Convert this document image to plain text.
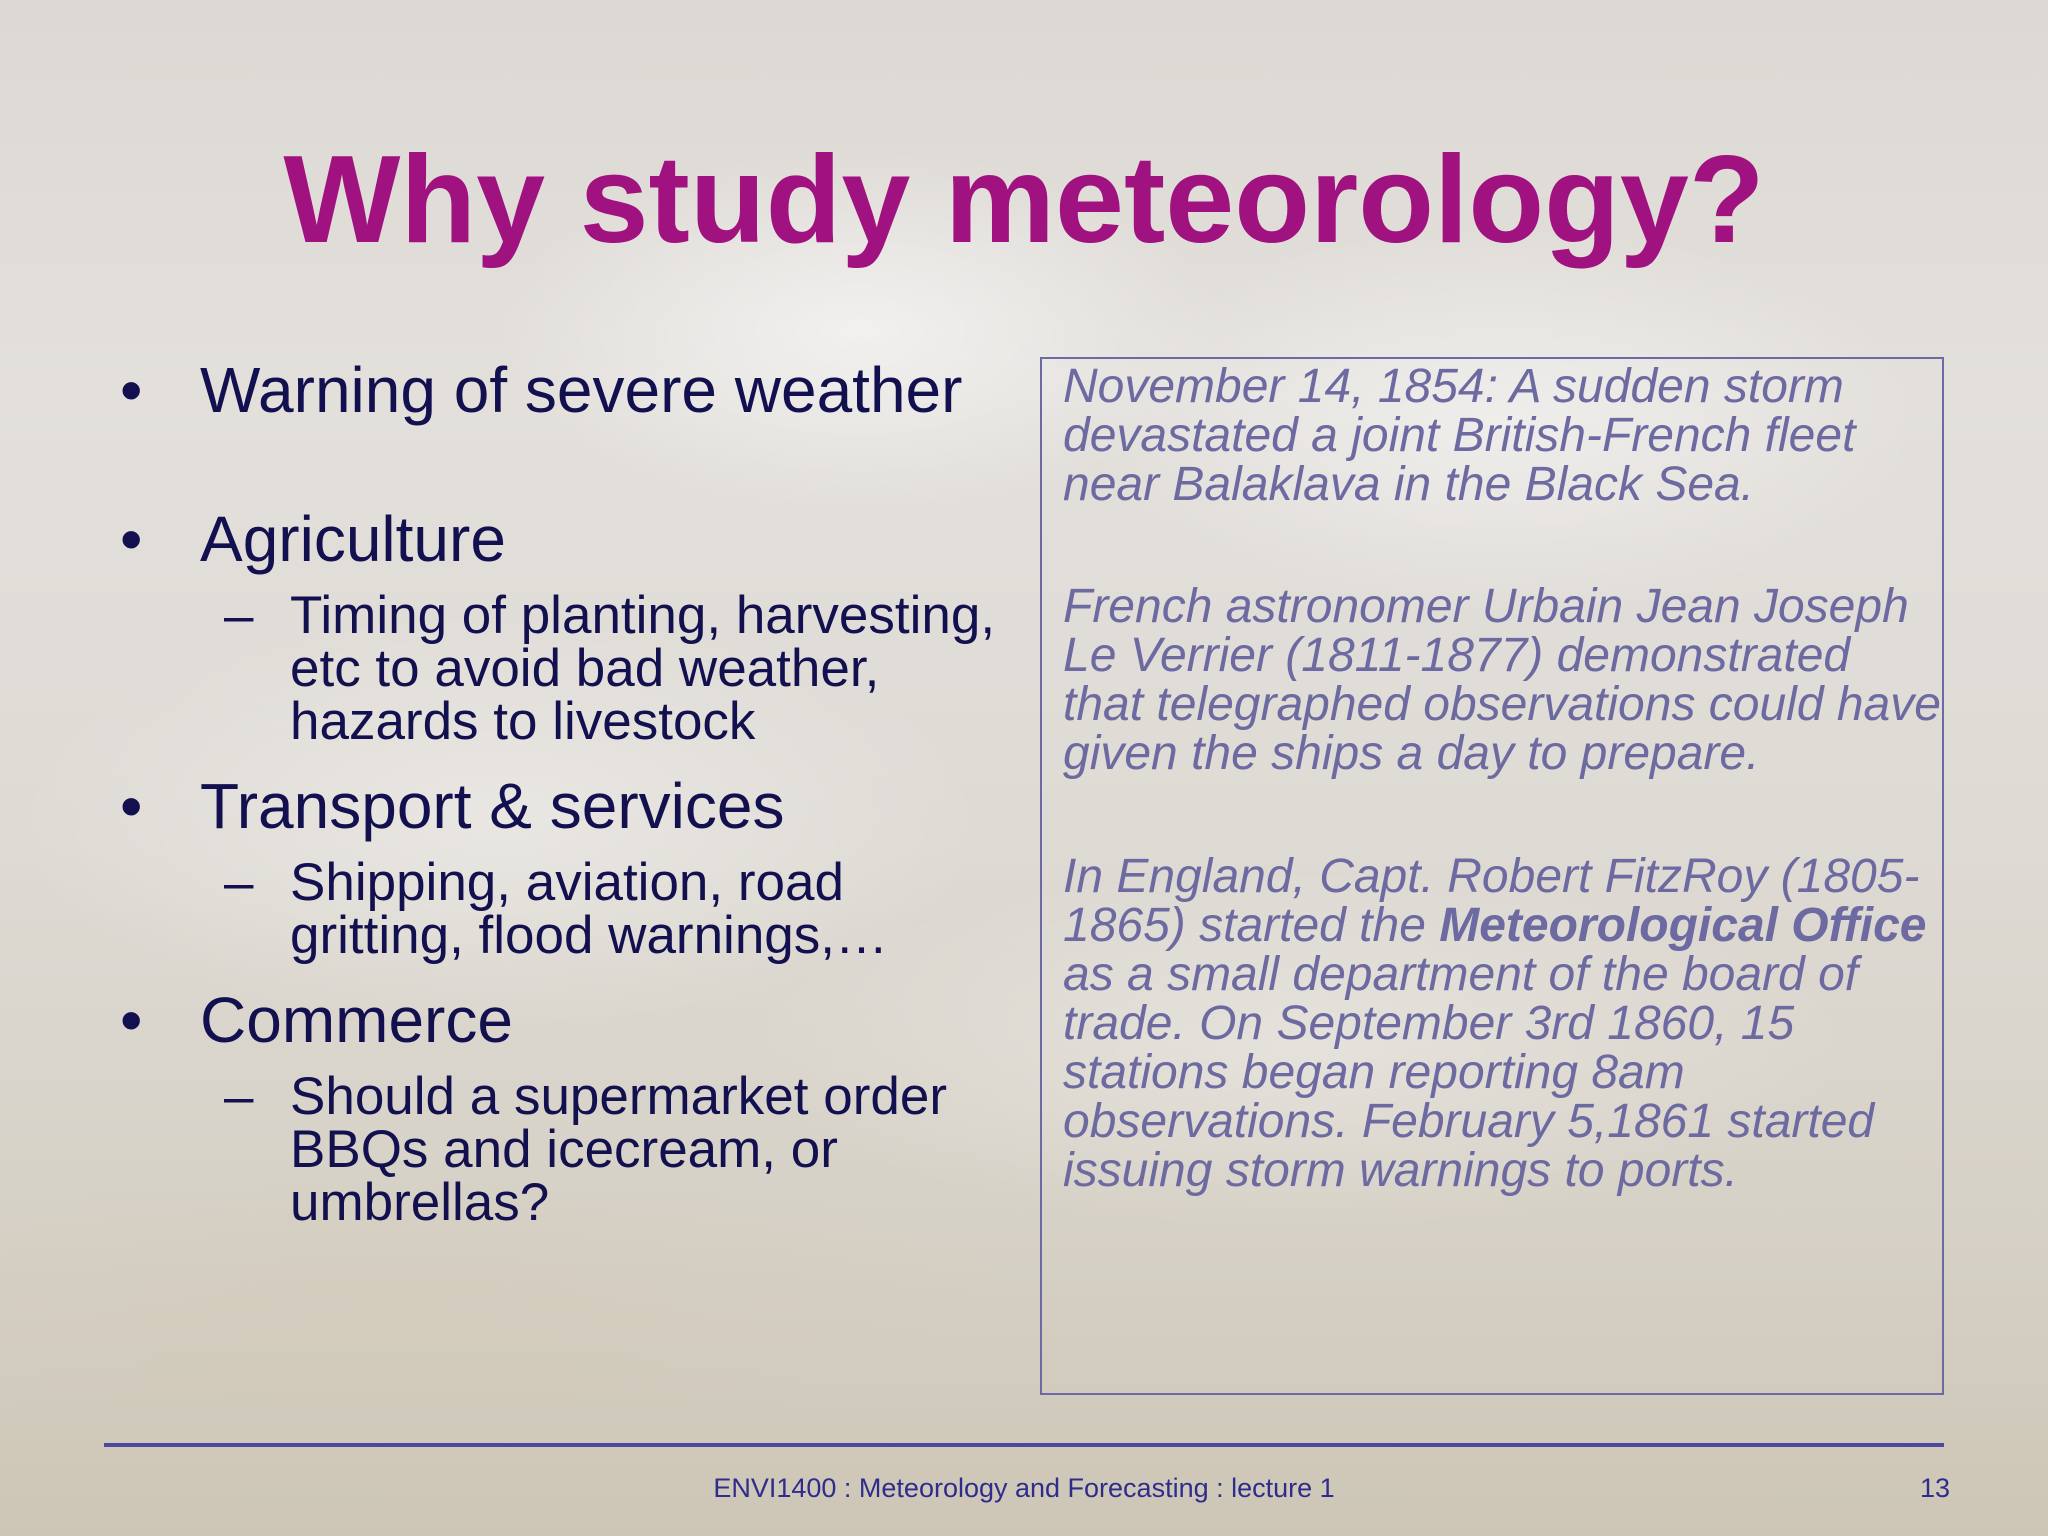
Why study meteorology?
• Warning of severe weather
• Agriculture
– Timing of planting, harvesting, etc to avoid bad weather, hazards to livestock
• Transport & services
– Shipping, aviation, road gritting, flood warnings,…
• Commerce
– Should a supermarket order BBQs and icecream, or umbrellas?

November 14, 1854: A sudden storm devastated a joint British-French fleet near Balaklava in the Black Sea.

French astronomer Urbain Jean Joseph Le Verrier (1811-1877) demonstrated that telegraphed observations could have given the ships a day to prepare.

In England, Capt. Robert FitzRoy (1805-1865) started the Meteorological Office as a small department of the board of trade. On September 3rd 1860, 15 stations began reporting 8am observations. February 5,1861 started issuing storm warnings to ports.

ENVI1400 : Meteorology and Forecasting : lecture 1	13
